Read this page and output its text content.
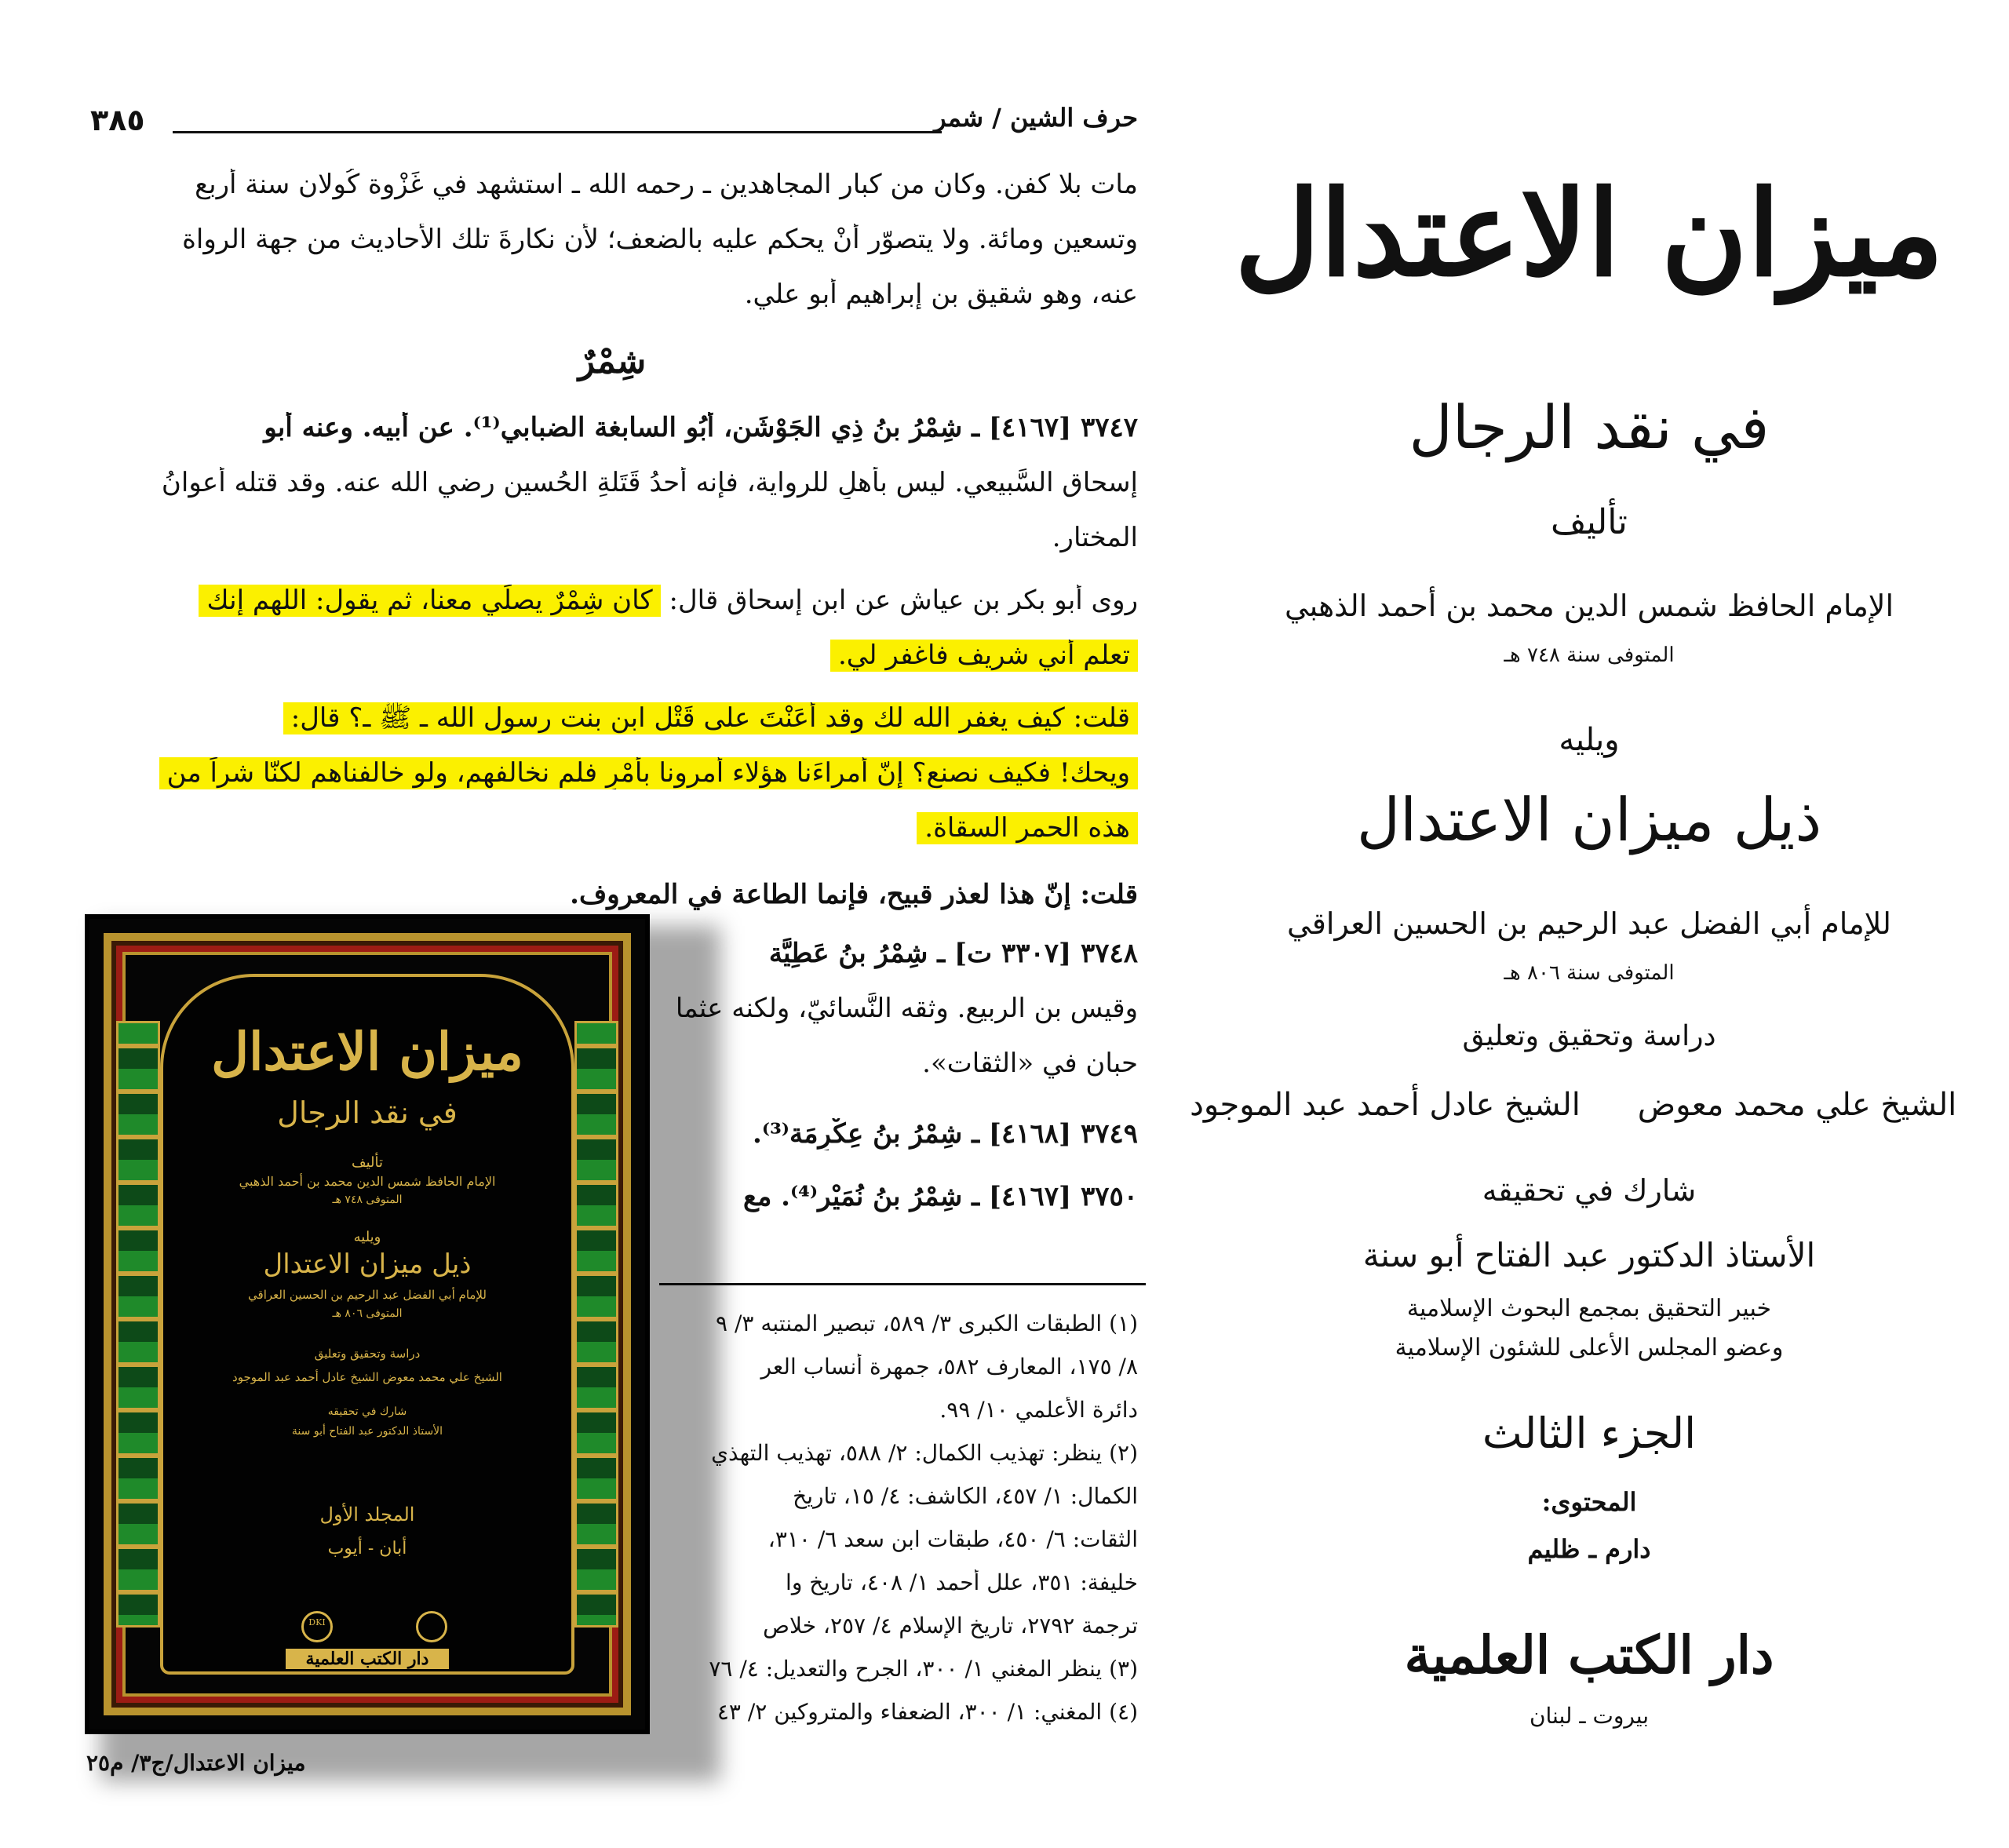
٣٨٥	حرف الشين / شمر
مات بلا كفن. وكان من كبار المجاهدين ـ رحمه الله ـ استشهد في غَزْوة كُولان سنة أربع
وتسعين ومائة. ولا يتصوّر أنْ يحكم عليه بالضعف؛ لأن نكارةَ تلك الأحاديث من جهة الرواة
عنه، وهو شقيق بن إبراهيم أبو علي.
شِمْرٌ
٣٧٤٧ [٤١٦٧] ـ شِمْرُ بنُ ذِي الجَوْشَنِ، أَبُو السابغة الضبابي⁽¹⁾. عن أبيه. وعنه أبو
إسحاق السَّبيعي. ليس بأهلٍ للرواية، فإنه أحدُ قَتَلةِ الحُسين رضي الله عنه. وقد قتله أعوانُ
المختار.
روى أبو بكر بن عياش عن ابن إسحاق قال: كان شِمْرٌ يصلِّي معنا، ثم يقول: اللهم إنك
تعلم أني شريف فاغفر لي.
قلت: كيف يغفر الله لك وقد أَعَنْتَ على قَتْل ابن بنت رسول الله ـ ﷺ ـ؟ قال:
ويحك! فكيف نصنع؟ إنّ أمراءَنا هؤلاء أمرونا بأَمْرٍ فلم نخالفهم، ولو خالفناهم لكنّا شراً من
هذه الحمر السقاة.
قلت: إنّ هذا لعذر قبيح، فإنما الطاعة في المعروف.
٣٧٤٨ [٣٣٠٧ ت] ـ شِمْرُ بنُ عَطِيَّة
وقيس بن الربيع. وثقه النَّسائيّ، ولكنه عثما
حبان في «الثقات».
٣٧٤٩ [٤١٦٨] ـ شِمْرُ بنُ عِكْرِمَة⁽³⁾.
٣٧٥٠ [٤١٦٧] ـ شِمْرُ بنُ نُمَيْر⁽⁴⁾. مع
(١) الطبقات الكبرى ٣/ ٥٨٩، تبصير المنتبه ٣/ ٩
٨/ ١٧٥، المعارف ٥٨٢، جمهرة أنساب العر
دائرة الأعلمي ١٠/ ٩٩.
(٢) ينظر: تهذيب الكمال: ٢/ ٥٨٨، تهذيب التهذي
الكمال: ١/ ٤٥٧، الكاشف: ٤/ ١٥، تاريخ
الثقات: ٦/ ٤٥٠، طبقات ابن سعد ٦/ ٣١٠،
خليفة: ٣٥١، علل أحمد ١/ ٤٠٨، تاريخ وا
ترجمة ٢٧٩٢، تاريخ الإسلام ٤/ ٢٥٧، خلاص
(٣) ينظر المغني ١/ ٣٠٠، الجرح والتعديل: ٤/ ٧٦
(٤) المغني: ١/ ٣٠٠، الضعفاء والمتروكين ٢/ ٤٣
ميزان الاعتدال/ج٣/ م٢٥
ميزان الاعتدال
في نقد الرجال
تأليف
الإمام الحافظ شمس الدين محمد بن أحمد الذهبي
المتوفى ٧٤٨ هـ
ويليه
ذيل ميزان الاعتدال
للإمام أبي الفضل عبد الرحيم بن الحسين العراقي
المتوفى ٨٠٦ هـ
دراسة وتحقيق وتعليق
الشيخ علي محمد معوض الشيخ عادل أحمد عبد الموجود
شارك في تحقيقه
الأستاذ الدكتور عبد الفتاح أبو سنة
المجلد الأول
أبان - أيوب
DKI
دار الكتب العلمية
ميزان الاعتدال
في نقد الرجال
تأليف
الإمام الحافظ شمس الدين محمد بن أحمد الذهبي
المتوفى سنة ٧٤٨ هـ
ويليه
ذيل ميزان الاعتدال
للإمام أبي الفضل عبد الرحيم بن الحسين العراقي
المتوفى سنة ٨٠٦ هـ
دراسة وتحقيق وتعليق
الشيخ علي محمد معوض
الشيخ عادل أحمد عبد الموجود
شارك في تحقيقه
الأستاذ الدكتور عبد الفتاح أبو سنة
خبير التحقيق بمجمع البحوث الإسلامية
وعضو المجلس الأعلى للشئون الإسلامية
الجزء الثالث
المحتوى:
دارم ـ ظليم
دار الكتب العلمية
بيروت ـ لبنان
